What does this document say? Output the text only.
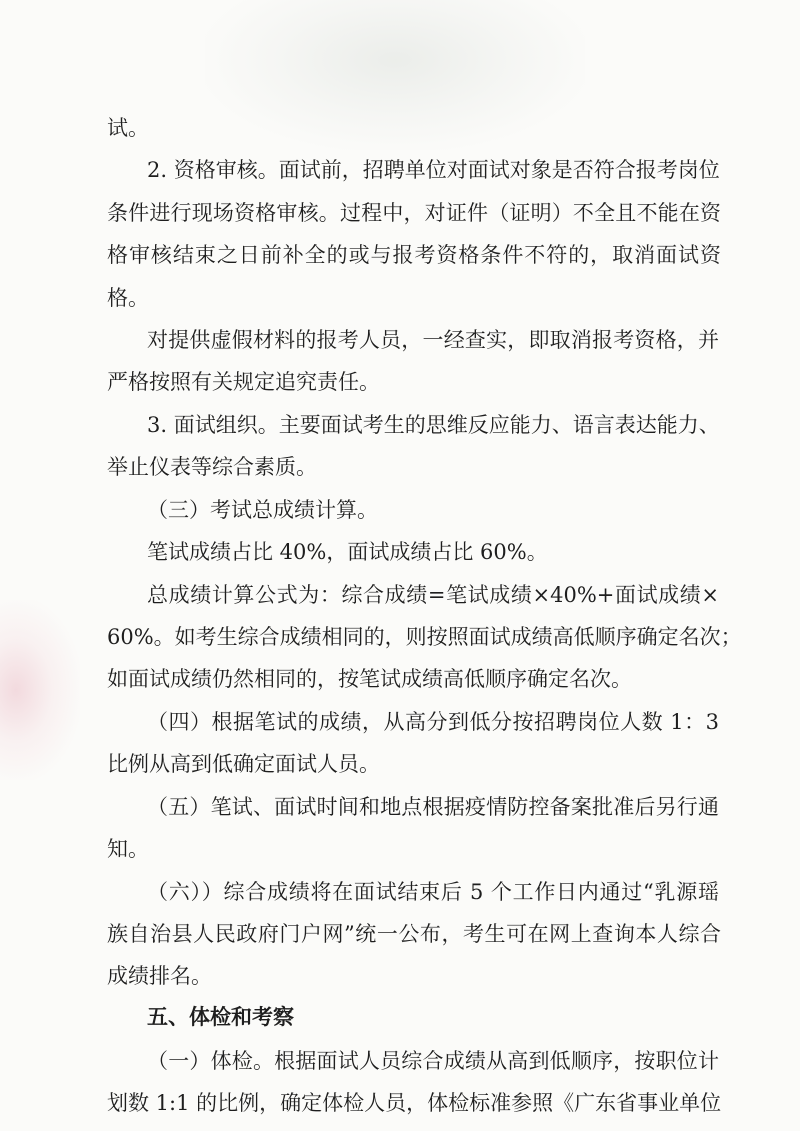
试。
2. 资格审核。面试前，招聘单位对面试对象是否符合报考岗位
条件进行现场资格审核。过程中，对证件（证明）不全且不能在资
格审核结束之日前补全的或与报考资格条件不符的，取消面试资
格。
对提供虚假材料的报考人员，一经查实，即取消报考资格，并
严格按照有关规定追究责任。
3. 面试组织。主要面试考生的思维反应能力、语言表达能力、
举止仪表等综合素质。
（三）考试总成绩计算。
笔试成绩占比 40%，面试成绩占比 60%。
总成绩计算公式为：综合成绩=笔试成绩×40%+面试成绩×
60%。如考生综合成绩相同的，则按照面试成绩高低顺序确定名次；
如面试成绩仍然相同的，按笔试成绩高低顺序确定名次。
（四）根据笔试的成绩，从高分到低分按招聘岗位人数 1：3
比例从高到低确定面试人员。
（五）笔试、面试时间和地点根据疫情防控备案批准后另行通
知。
（六））综合成绩将在面试结束后 5 个工作日内通过“乳源瑶
族自治县人民政府门户网”统一公布，考生可在网上查询本人综合
成绩排名。
五、体检和考察
（一）体检。根据面试人员综合成绩从高到低顺序，按职位计
划数 1:1 的比例，确定体检人员，体检标准参照《广东省事业单位
